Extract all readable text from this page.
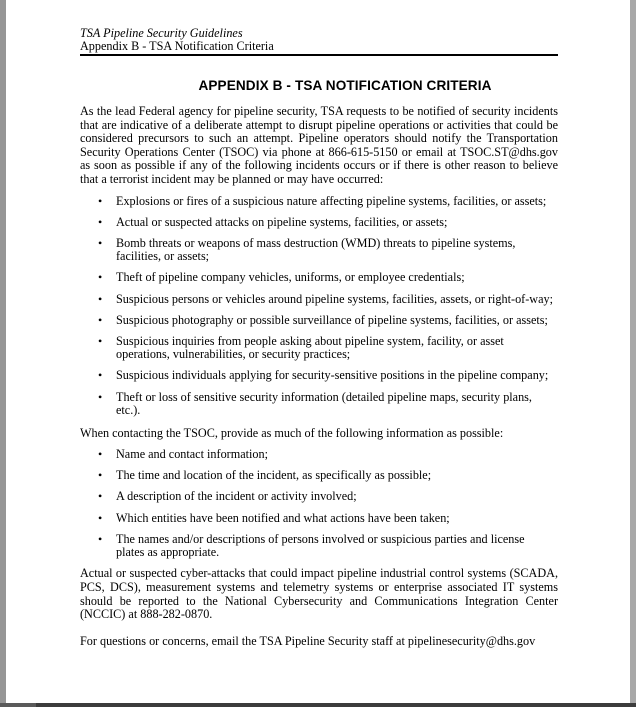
TSA Pipeline Security Guidelines
Appendix B - TSA Notification Criteria
APPENDIX B - TSA NOTIFICATION CRITERIA

As the lead Federal agency for pipeline security, TSA requests to be notified of security incidents that are indicative of a deliberate attempt to disrupt pipeline operations or activities that could be considered precursors to such an attempt. Pipeline operators should notify the Transportation Security Operations Center (TSOC) via phone at 866-615-5150 or email at TSOC.ST@dhs.gov as soon as possible if any of the following incidents occurs or if there is other reason to believe that a terrorist incident may be planned or may have occurred:

• Explosions or fires of a suspicious nature affecting pipeline systems, facilities, or assets;
• Actual or suspected attacks on pipeline systems, facilities, or assets;
• Bomb threats or weapons of mass destruction (WMD) threats to pipeline systems, facilities, or assets;
• Theft of pipeline company vehicles, uniforms, or employee credentials;
• Suspicious persons or vehicles around pipeline systems, facilities, assets, or right-of-way;
• Suspicious photography or possible surveillance of pipeline systems, facilities, or assets;
• Suspicious inquiries from people asking about pipeline system, facility, or asset operations, vulnerabilities, or security practices;
• Suspicious individuals applying for security-sensitive positions in the pipeline company;
• Theft or loss of sensitive security information (detailed pipeline maps, security plans, etc.).

When contacting the TSOC, provide as much of the following information as possible:

• Name and contact information;
• The time and location of the incident, as specifically as possible;
• A description of the incident or activity involved;
• Which entities have been notified and what actions have been taken;
• The names and/or descriptions of persons involved or suspicious parties and license plates as appropriate.

Actual or suspected cyber-attacks that could impact pipeline industrial control systems (SCADA, PCS, DCS), measurement systems and telemetry systems or enterprise associated IT systems should be reported to the National Cybersecurity and Communications Integration Center (NCCIC) at 888-282-0870.

For questions or concerns, email the TSA Pipeline Security staff at pipelinesecurity@dhs.gov
